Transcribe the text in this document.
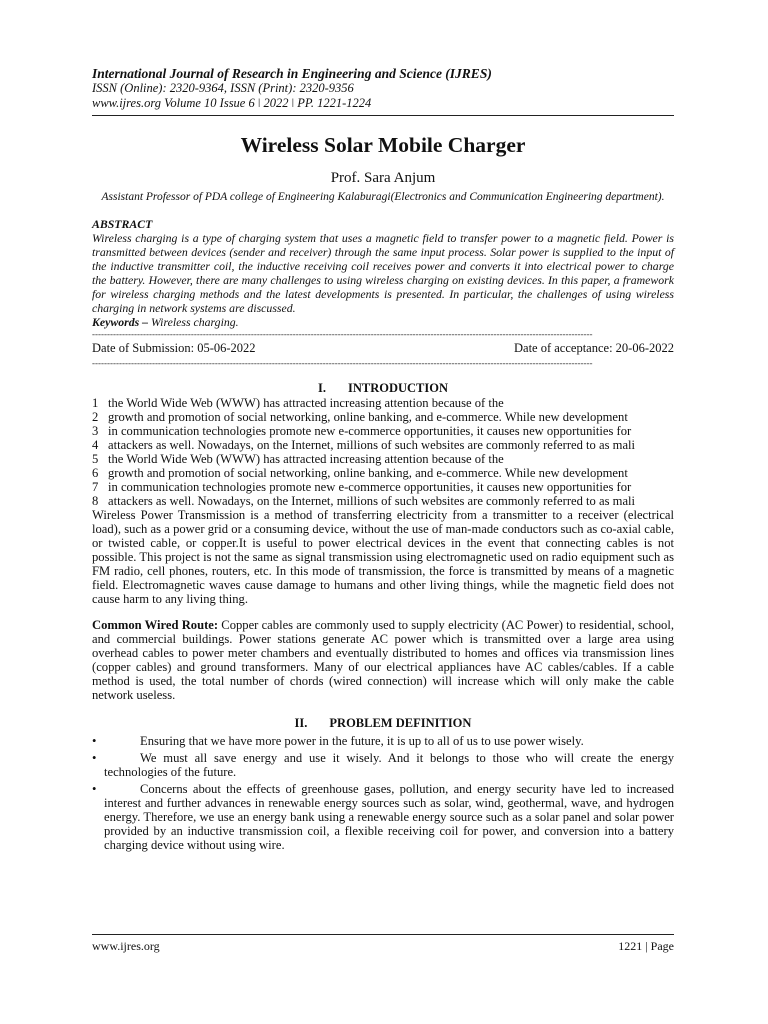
International Journal of Research in Engineering and Science (IJRES)
ISSN (Online): 2320-9364, ISSN (Print): 2320-9356
www.ijres.org Volume 10 Issue 6 ǀ 2022 ǀ PP. 1221-1224
Wireless Solar Mobile Charger
Prof. Sara Anjum
Assistant Professor of PDA college of Engineering Kalaburagi(Electronics and Communication Engineering department).
ABSTRACT
Wireless charging is a type of charging system that uses a magnetic field to transfer power to a magnetic field. Power is transmitted between devices (sender and receiver) through the same input process. Solar power is supplied to the input of the inductive transmitter coil, the inductive receiving coil receives power and converts it into electrical power to charge the battery. However, there are many challenges to using wireless charging on existing devices. In this paper, a framework for wireless charging methods and the latest developments is presented. In particular, the challenges of using wireless charging in network systems are discussed.
Keywords – Wireless charging.
-----------------------------------------------------------------------------------------------------------------------------------------------------------------------
Date of Submission: 05-06-2022	Date of acceptance: 20-06-2022
-----------------------------------------------------------------------------------------------------------------------------------------------------------------------
I. INTRODUCTION
1 the World Wide Web (WWW) has attracted increasing attention because of the
2 growth and promotion of social networking, online banking, and e-commerce. While new development
3 in communication technologies promote new e-commerce opportunities, it causes new opportunities for
4 attackers as well. Nowadays, on the Internet, millions of such websites are commonly referred to as mali
5 the World Wide Web (WWW) has attracted increasing attention because of the
6 growth and promotion of social networking, online banking, and e-commerce. While new development
7 in communication technologies promote new e-commerce opportunities, it causes new opportunities for
8 attackers as well. Nowadays, on the Internet, millions of such websites are commonly referred to as mali
Wireless Power Transmission is a method of transferring electricity from a transmitter to a receiver (electrical load), such as a power grid or a consuming device, without the use of man-made conductors such as co-axial cable, or twisted cable, or copper.It is useful to power electrical devices in the event that connecting cables is not possible. This project is not the same as signal transmission using electromagnetic used on radio equipment such as FM radio, cell phones, routers, etc. In this mode of transmission, the force is transmitted by means of a magnetic field. Electromagnetic waves cause damage to humans and other living things, while the magnetic field does not cause harm to any living thing.
Common Wired Route: Copper cables are commonly used to supply electricity (AC Power) to residential, school, and commercial buildings. Power stations generate AC power which is transmitted over a large area using overhead cables to power meter chambers and eventually distributed to homes and offices via transmission lines (copper cables) and ground transformers. Many of our electrical appliances have AC cables/cables. If a cable method is used, the total number of chords (wired connection) will increase which will only make the cable network useless.
II. PROBLEM DEFINITION
•	Ensuring that we have more power in the future, it is up to all of us to use power wisely.
•	We must all save energy and use it wisely. And it belongs to those who will create the energy technologies of the future.
•	Concerns about the effects of greenhouse gases, pollution, and energy security have led to increased interest and further advances in renewable energy sources such as solar, wind, geothermal, wave, and hydrogen energy. Therefore, we use an energy bank using a renewable energy source such as a solar panel and solar power provided by an inductive transmission coil, a flexible receiving coil for power, and conversion into a battery charging device without using wire.
www.ijres.org	1221 | Page
